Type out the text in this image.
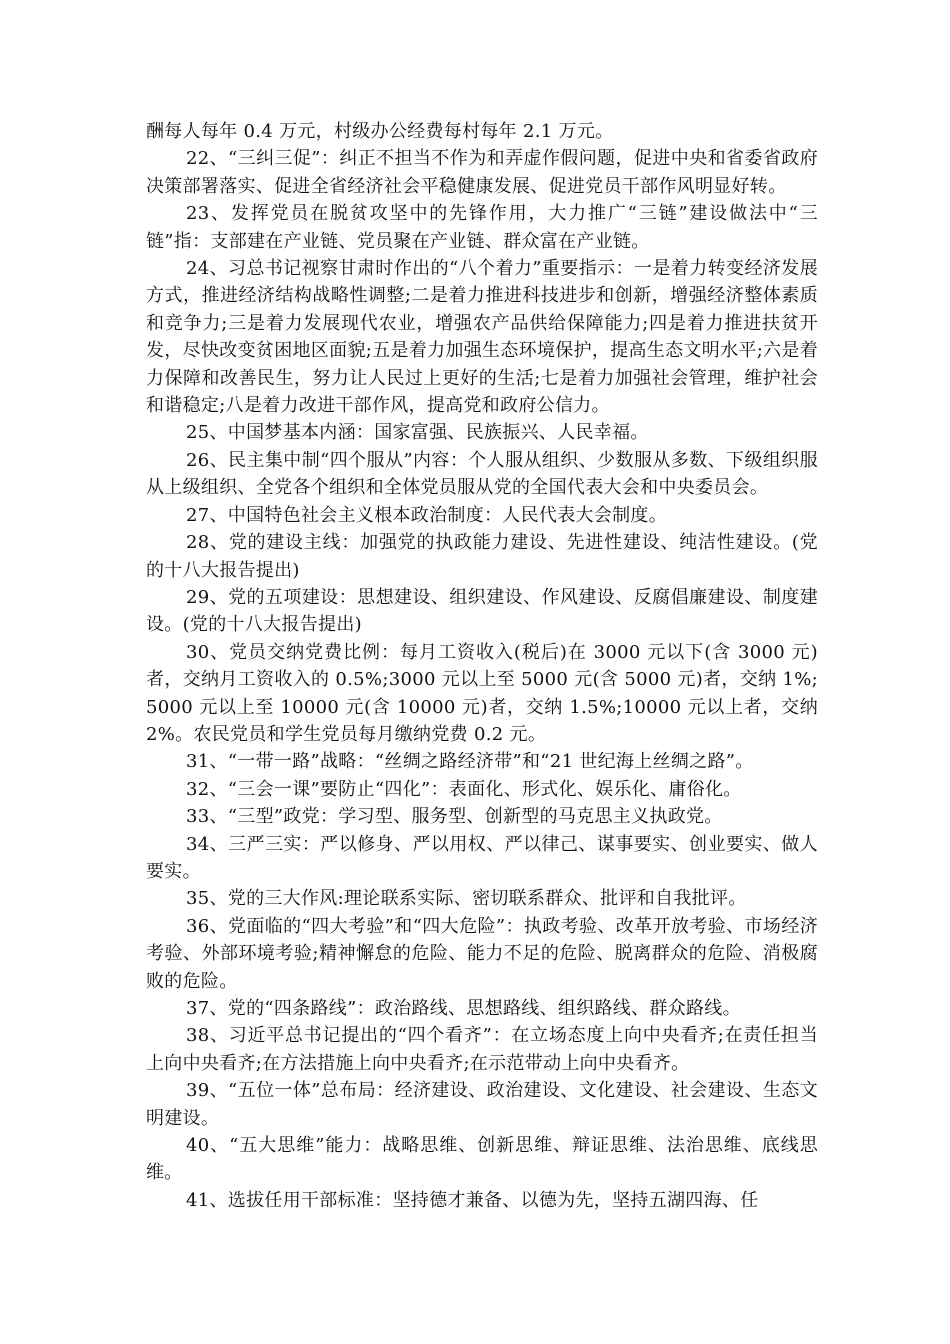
酬每人每年 0.4 万元，村级办公经费每村每年 2.1 万元。

22、“三纠三促”：纠正不担当不作为和弄虚作假问题，促进中央和省委省政府决策部署落实、促进全省经济社会平稳健康发展、促进党员干部作风明显好转。

23、发挥党员在脱贫攻坚中的先锋作用，大力推广“三链”建设做法中“三链”指：支部建在产业链、党员聚在产业链、群众富在产业链。

24、习总书记视察甘肃时作出的“八个着力”重要指示：一是着力转变经济发展方式，推进经济结构战略性调整;二是着力推进科技进步和创新，增强经济整体素质和竞争力;三是着力发展现代农业，增强农产品供给保障能力;四是着力推进扶贫开发，尽快改变贫困地区面貌;五是着力加强生态环境保护，提高生态文明水平;六是着力保障和改善民生，努力让人民过上更好的生活;七是着力加强社会管理，维护社会和谐稳定;八是着力改进干部作风，提高党和政府公信力。

25、中国梦基本内涵：国家富强、民族振兴、人民幸福。

26、民主集中制“四个服从”内容：个人服从组织、少数服从多数、下级组织服从上级组织、全党各个组织和全体党员服从党的全国代表大会和中央委员会。

27、中国特色社会主义根本政治制度：人民代表大会制度。

28、党的建设主线：加强党的执政能力建设、先进性建设、纯洁性建设。(党的十八大报告提出)

29、党的五项建设：思想建设、组织建设、作风建设、反腐倡廉建设、制度建设。(党的十八大报告提出)

30、党员交纳党费比例：每月工资收入(税后)在 3000 元以下(含 3000 元)者，交纳月工资收入的 0.5%;3000 元以上至 5000 元(含 5000 元)者，交纳 1%;5000 元以上至 10000 元(含 10000 元)者，交纳 1.5%;10000 元以上者，交纳 2%。农民党员和学生党员每月缴纳党费 0.2 元。

31、“一带一路”战略：“丝绸之路经济带”和“21 世纪海上丝绸之路”。

32、“三会一课”要防止“四化”：表面化、形式化、娱乐化、庸俗化。

33、“三型”政党：学习型、服务型、创新型的马克思主义执政党。

34、三严三实：严以修身、严以用权、严以律己、谋事要实、创业要实、做人要实。

35、党的三大作风:理论联系实际、密切联系群众、批评和自我批评。

36、党面临的“四大考验”和“四大危险”：执政考验、改革开放考验、市场经济考验、外部环境考验;精神懈怠的危险、能力不足的危险、脱离群众的危险、消极腐败的危险。

37、党的“四条路线”：政治路线、思想路线、组织路线、群众路线。

38、习近平总书记提出的“四个看齐”：在立场态度上向中央看齐;在责任担当上向中央看齐;在方法措施上向中央看齐;在示范带动上向中央看齐。

39、“五位一体”总布局：经济建设、政治建设、文化建设、社会建设、生态文明建设。

40、“五大思维”能力：战略思维、创新思维、辩证思维、法治思维、底线思维。

41、选拔任用干部标准：坚持德才兼备、以德为先，坚持五湖四海、任
